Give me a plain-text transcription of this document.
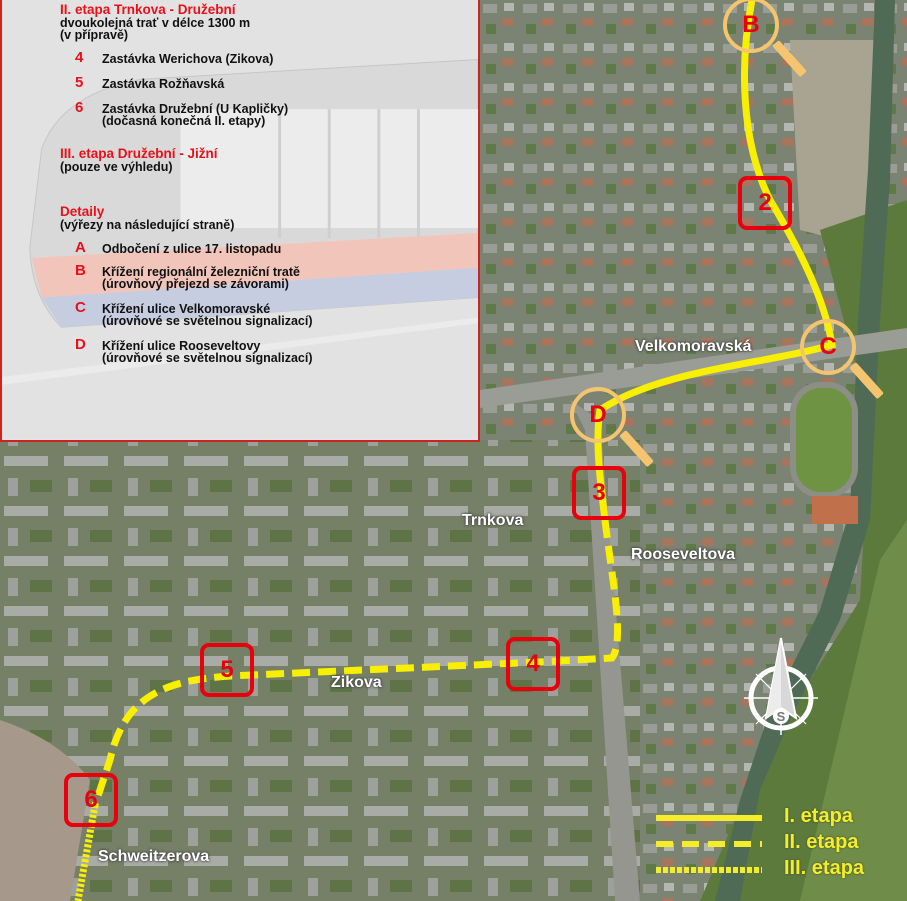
Velkomoravská
Trnkova
Rooseveltova
Zikova
Schweitzerova
2
3
4
5
6
B
C
D
S
I. etapa
II. etapa
III. etapa
II. etapa Trnkova - Družební
dvoukolejná trať v délce 1300 m
(v přípravě)
4 Zastávka Werichova (Zikova)
5 Zastávka Rožňavská
6 Zastávka Družební (U Kapličky)
(dočasná konečná II. etapy)
III. etapa Družební - Jižní
(pouze ve výhledu)
Detaily
(výřezy na následující straně)
A Odbočení z ulice 17. listopadu
B Křížení regionální železniční tratě
(úrovňový přejezd se závorami)
C Křížení ulice Velkomoravské
(úrovňové se světelnou signalizací)
D Křížení ulice Rooseveltovy
(úrovňové se světelnou signalizací)
